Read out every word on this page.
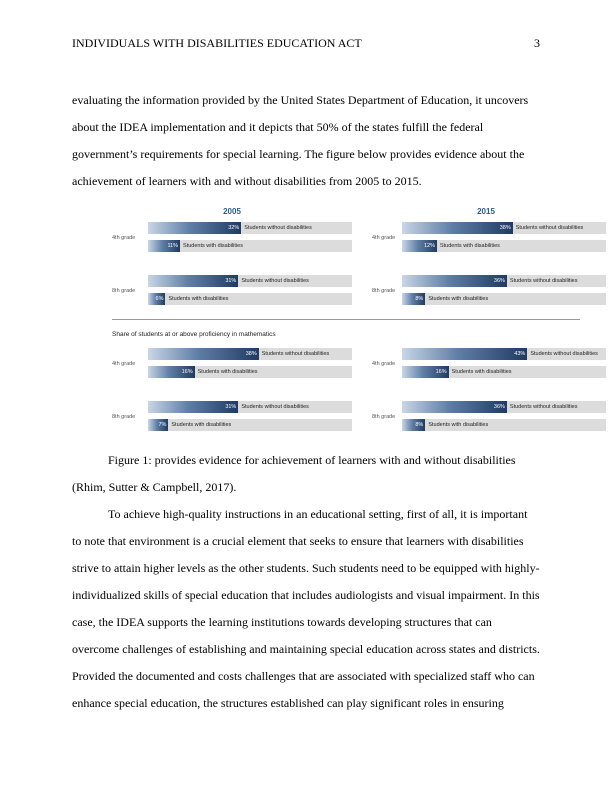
INDIVIDUALS WITH DISABILITIES EDUCATION ACT	3

evaluating the information provided by the United States Department of Education, it uncovers
about the IDEA implementation and it depicts that 50% of the states fulfill the federal
government’s requirements for special learning. The figure below provides evidence about the
achievement of learners with and without disabilities from 2005 to 2015.

2005	2015
Share of students at or above proficiency in mathematics
4th grade
32% Students without disabilities
11% Students with disabilities
4th grade
38% Students without disabilities
12% Students with disabilities
8th grade
31% Students without disabilities
6% Students with disabilities
8th grade
36% Students without disabilities
8% Students with disabilities
4th grade
38% Students without disabilities
16% Students with disabilities
4th grade
43% Students without disabilities
16% Students with disabilities
8th grade
31% Students without disabilities
7% Students with disabilities
8th grade
36% Students without disabilities
8% Students with disabilities
Figure 1: provides evidence for achievement of learners with and without disabilities
(Rhim, Sutter & Campbell, 2017).

To achieve high-quality instructions in an educational setting, first of all, it is important
to note that environment is a crucial element that seeks to ensure that learners with disabilities
strive to attain higher levels as the other students. Such students need to be equipped with highly-
individualized skills of special education that includes audiologists and visual impairment. In this
case, the IDEA supports the learning institutions towards developing structures that can
overcome challenges of establishing and maintaining special education across states and districts.
Provided the documented and costs challenges that are associated with specialized staff who can
enhance special education, the structures established can play significant roles in ensuring
